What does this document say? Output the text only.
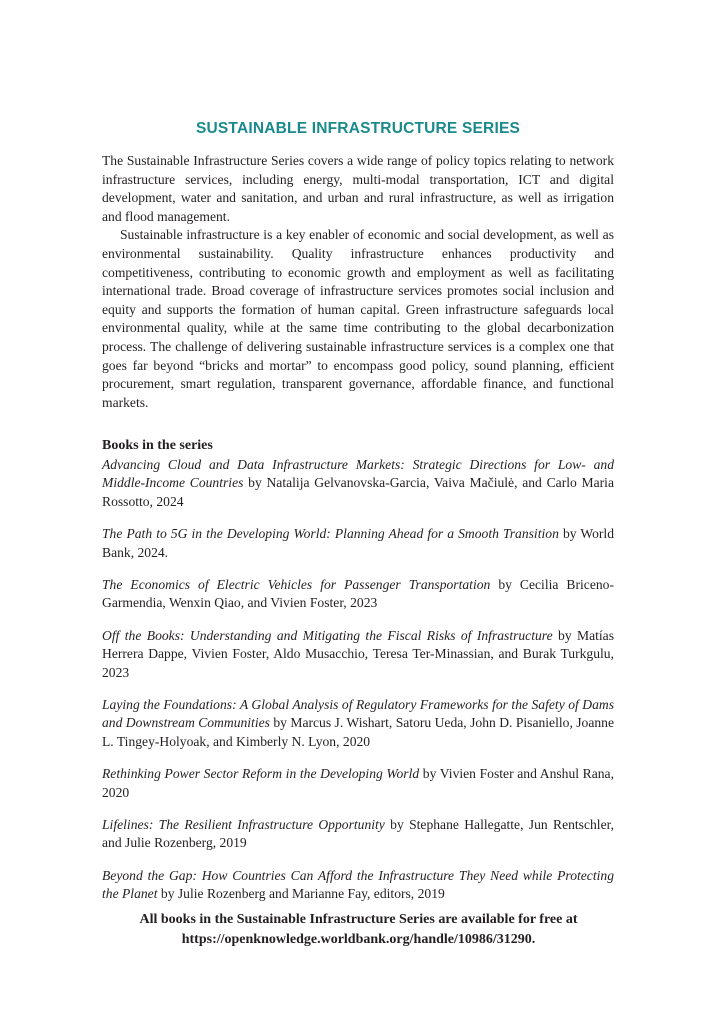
SUSTAINABLE INFRASTRUCTURE SERIES

The Sustainable Infrastructure Series covers a wide range of policy topics relating to network infrastructure services, including energy, multi-modal transportation, ICT and digital development, water and sanitation, and urban and rural infrastructure, as well as irrigation and flood management.

Sustainable infrastructure is a key enabler of economic and social development, as well as environmental sustainability. Quality infrastructure enhances productivity and competitiveness, contributing to economic growth and employment as well as facilitating international trade. Broad coverage of infrastructure services promotes social inclusion and equity and supports the formation of human capital. Green infrastructure safeguards local environmental quality, while at the same time contributing to the global decarbonization process. The challenge of delivering sustainable infrastructure services is a complex one that goes far beyond “bricks and mortar” to encompass good policy, sound planning, efficient procurement, smart regulation, transparent governance, affordable finance, and functional markets.

Books in the series

Advancing Cloud and Data Infrastructure Markets: Strategic Directions for Low- and Middle-Income Countries by Natalija Gelvanovska-Garcia, Vaiva Mačiulė, and Carlo Maria Rossotto, 2024

The Path to 5G in the Developing World: Planning Ahead for a Smooth Transition by World Bank, 2024.

The Economics of Electric Vehicles for Passenger Transportation by Cecilia Briceno-Garmendia, Wenxin Qiao, and Vivien Foster, 2023

Off the Books: Understanding and Mitigating the Fiscal Risks of Infrastructure by Matías Herrera Dappe, Vivien Foster, Aldo Musacchio, Teresa Ter-Minassian, and Burak Turkgulu, 2023

Laying the Foundations: A Global Analysis of Regulatory Frameworks for the Safety of Dams and Downstream Communities by Marcus J. Wishart, Satoru Ueda, John D. Pisaniello, Joanne L. Tingey-Holyoak, and Kimberly N. Lyon, 2020

Rethinking Power Sector Reform in the Developing World by Vivien Foster and Anshul Rana, 2020

Lifelines: The Resilient Infrastructure Opportunity by Stephane Hallegatte, Jun Rentschler, and Julie Rozenberg, 2019

Beyond the Gap: How Countries Can Afford the Infrastructure They Need while Protecting the Planet by Julie Rozenberg and Marianne Fay, editors, 2019

All books in the Sustainable Infrastructure Series are available for free at
https://openknowledge.worldbank.org/handle/10986/31290.
